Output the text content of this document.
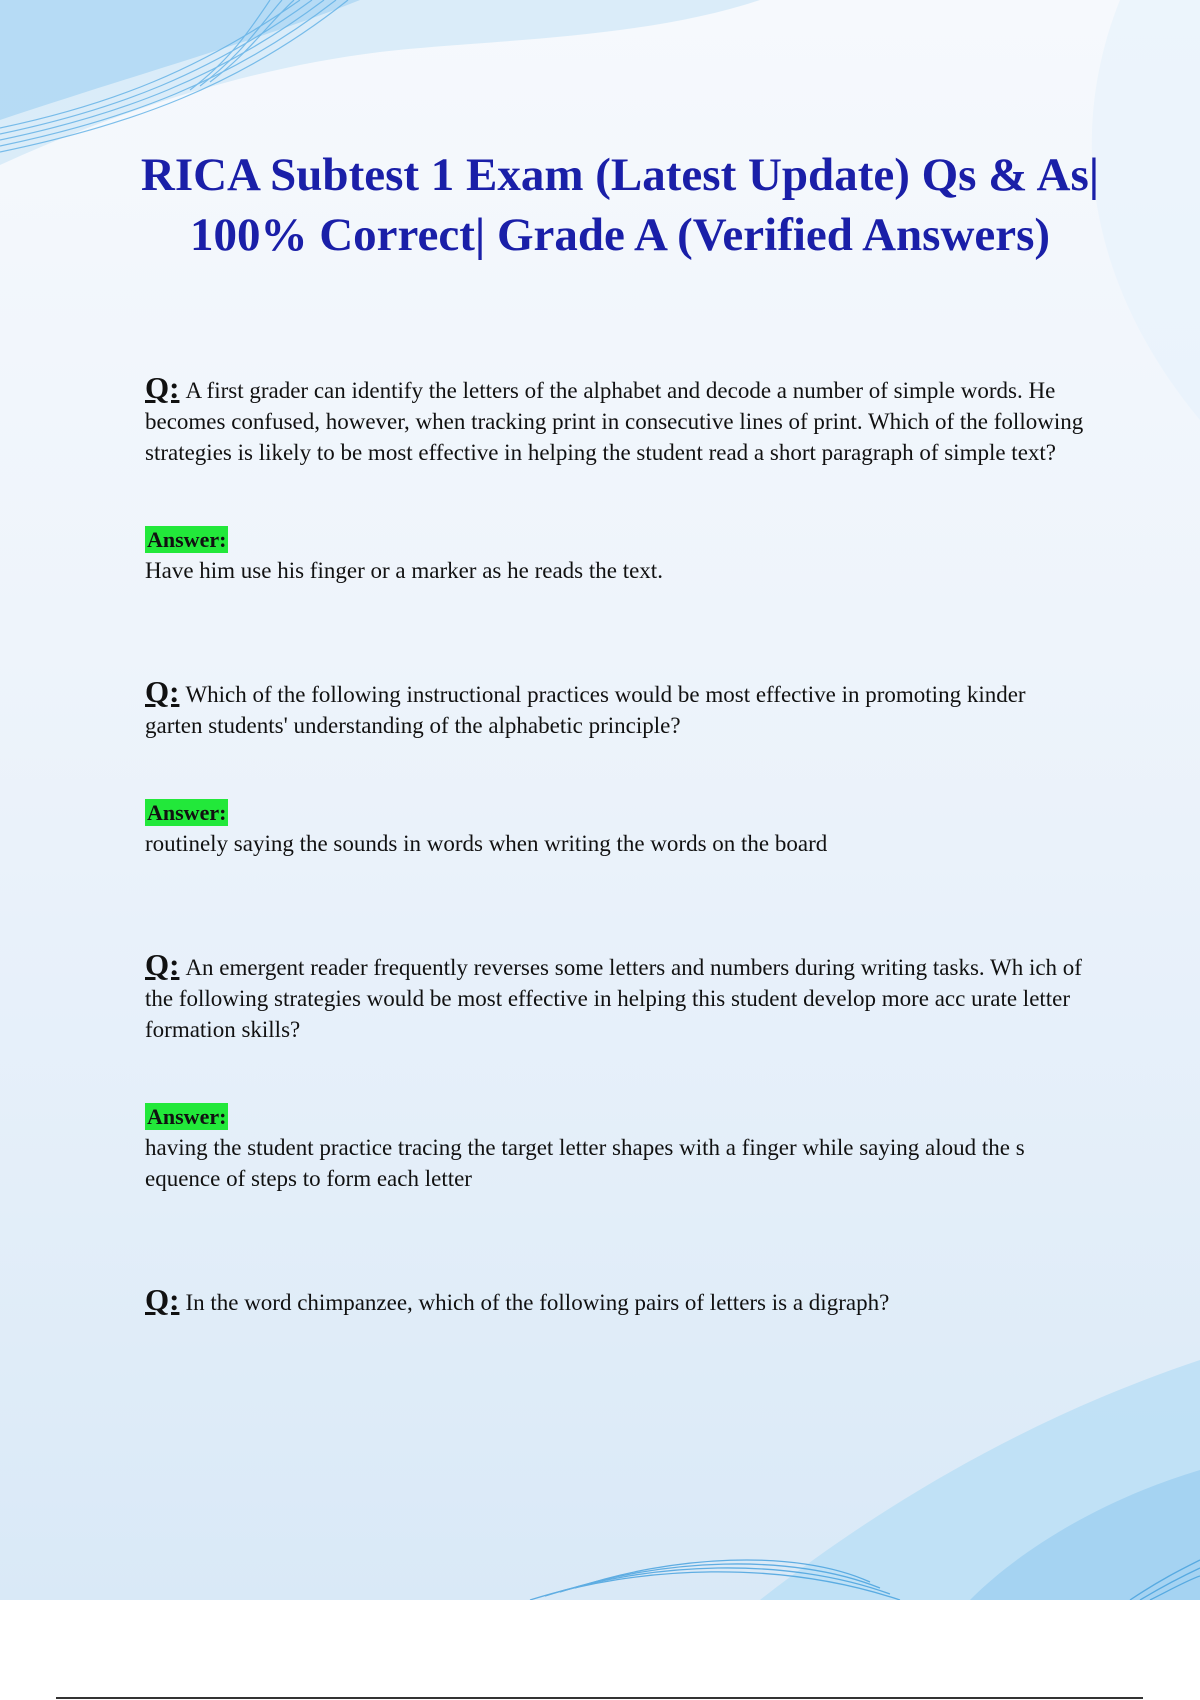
RICA Subtest 1 Exam (Latest Update) Qs & As| 100% Correct| Grade A (Verified Answers)

Q: A first grader can identify the letters of the alphabet and decode a number of simple words. He becomes confused, however, when tracking print in consecutive lines of print. Which of the following strategies is likely to be most effective in helping the student read a short paragraph of simple text?

Answer:

Have him use his finger or a marker as he reads the text.

Q: Which of the following instructional practices would be most effective in promoting kinder garten students' understanding of the alphabetic principle?

Answer:

routinely saying the sounds in words when writing the words on the board

Q: An emergent reader frequently reverses some letters and numbers during writing tasks. Wh ich of the following strategies would be most effective in helping this student develop more acc urate letter formation skills?

Answer:

having the student practice tracing the target letter shapes with a finger while saying aloud the s equence of steps to form each letter

Q: In the word chimpanzee, which of the following pairs of letters is a digraph?
